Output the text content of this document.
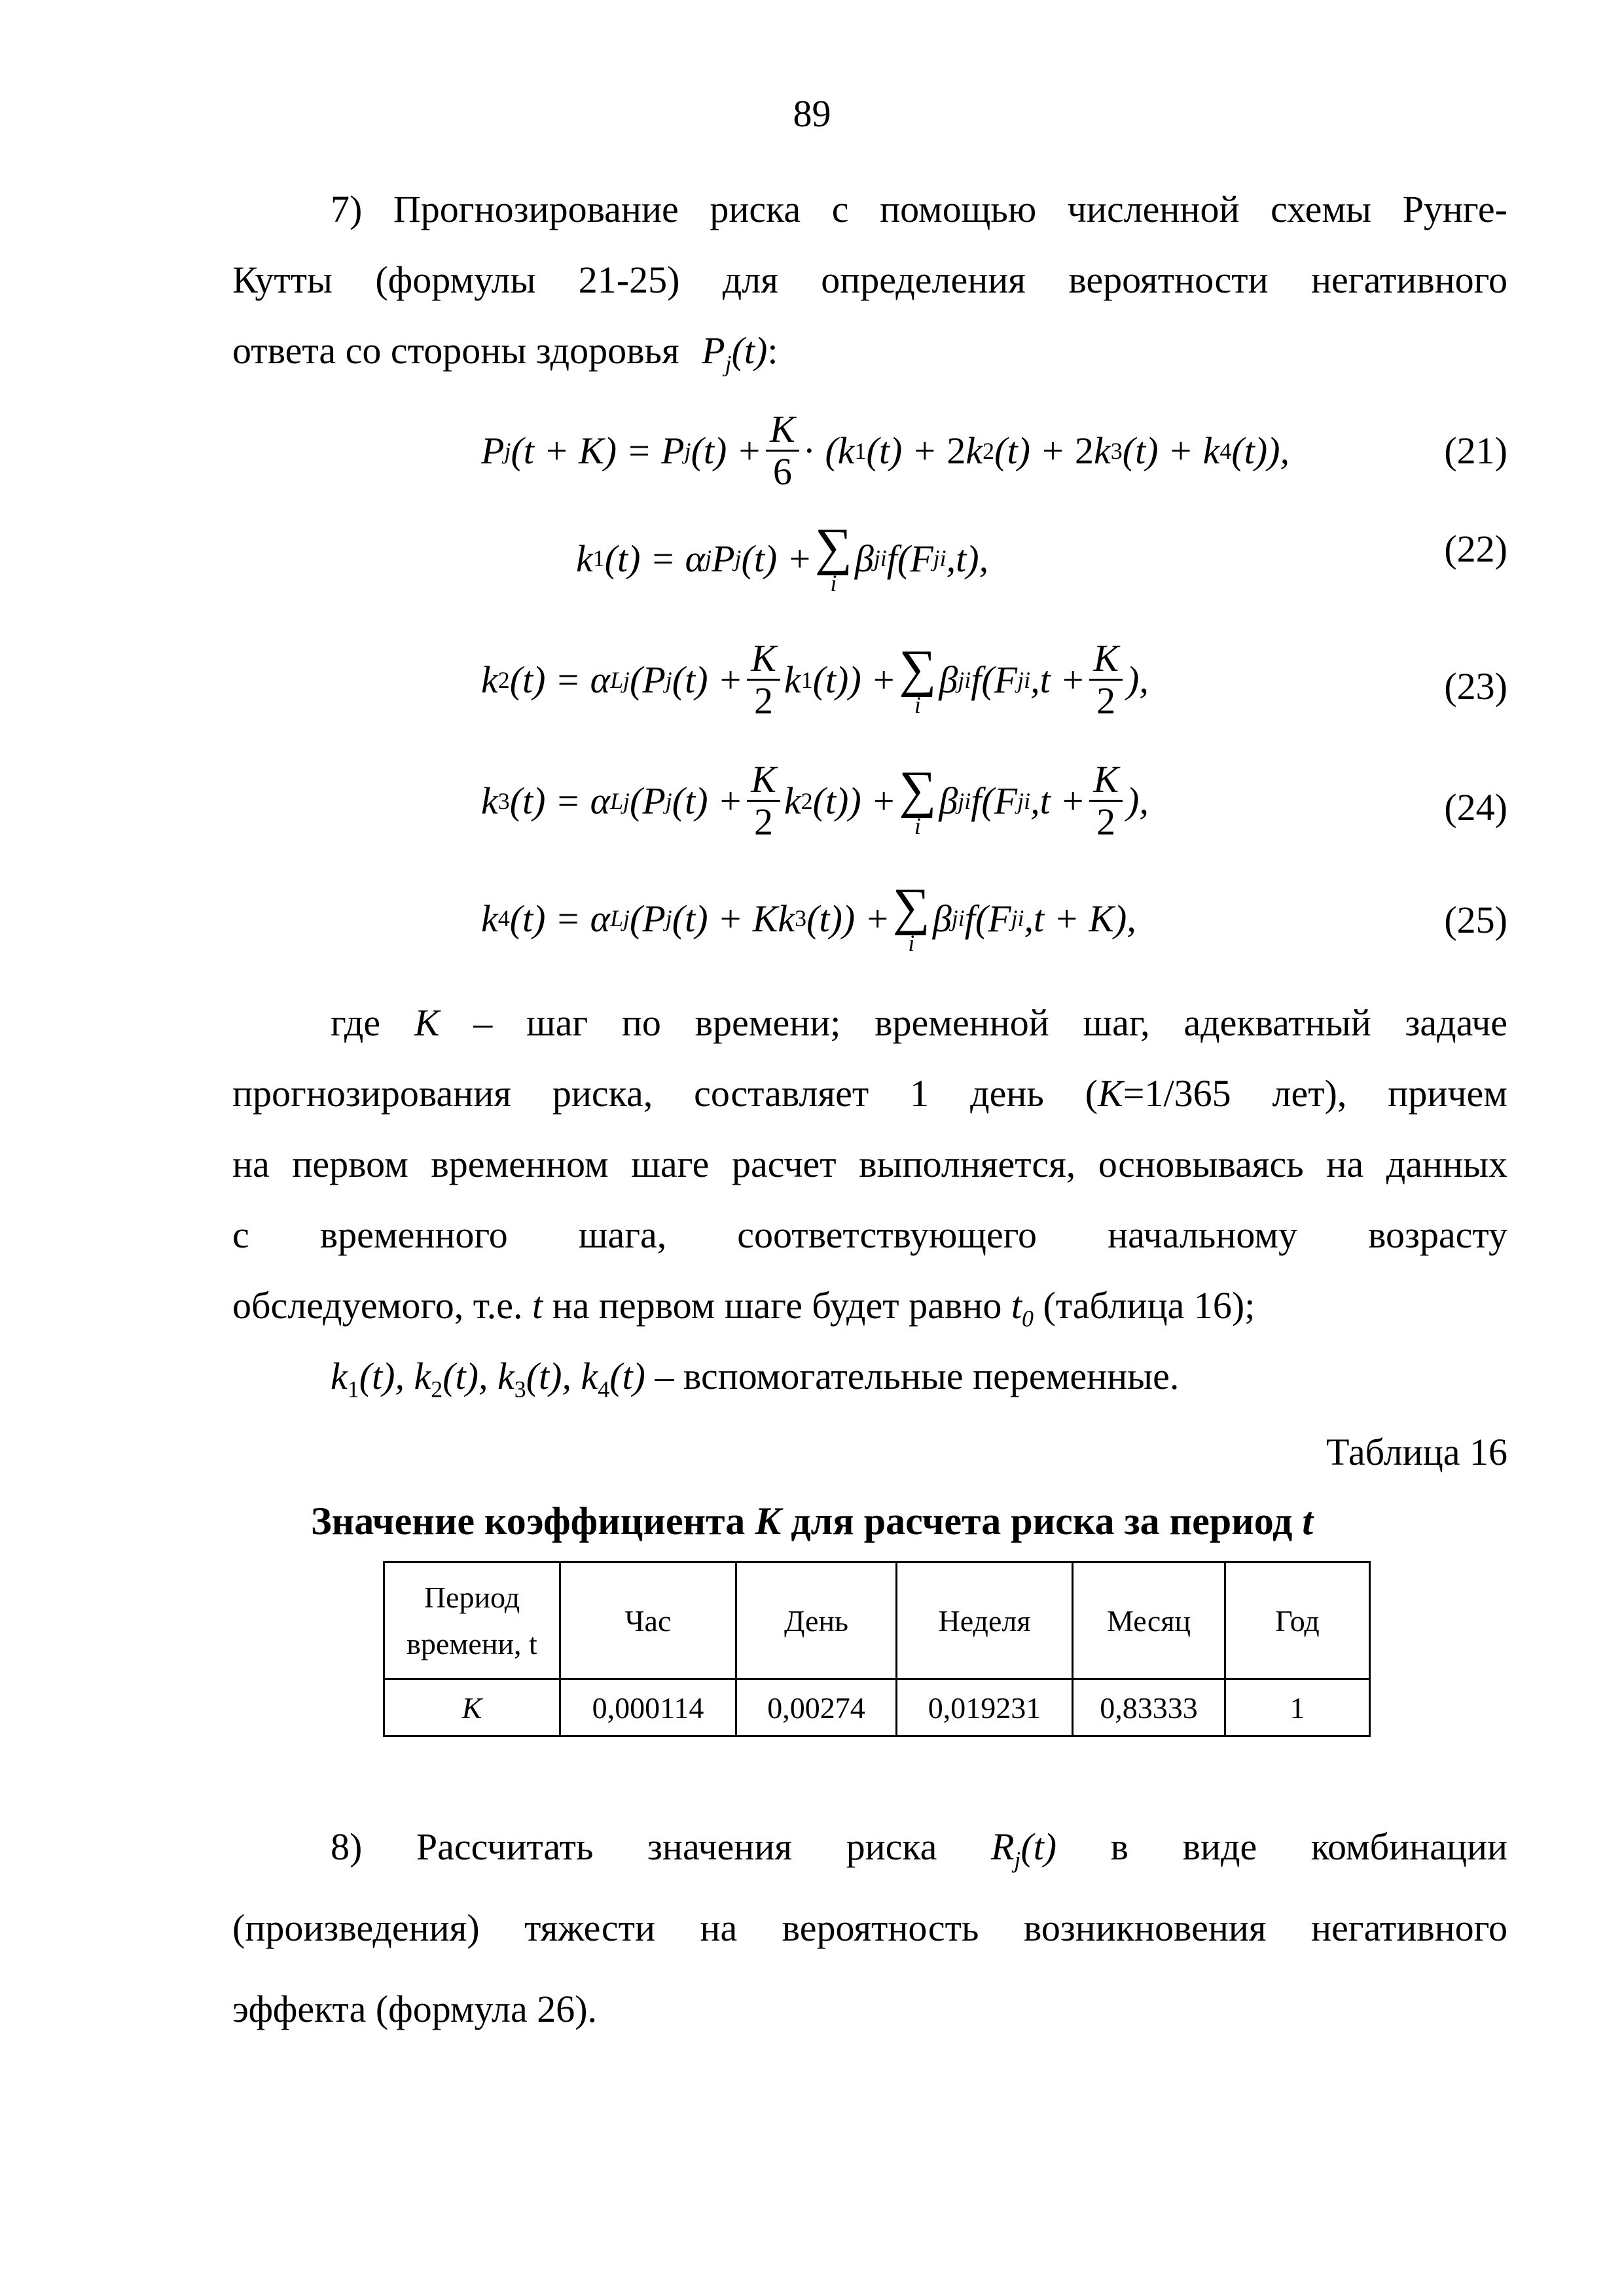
89
7) Прогнозирование риска с помощью численной схемы Рунге-
Кутты (формулы 21-25) для определения вероятности негативного
ответа со стороны здоровья $P_j(t)$:
P j (t + K) = P j $(t) + \frac{K}{6} \cdot (k$ 1 (t) + 2 k 2 (t) + 2 k 3 (t) + k 4 (t)),	(21)
k 1 (t) = α j P j (t) + ∑
i
β ji f(F ji ,t),	(22)
k 2 (t) = α Lj (P j $(t) + \frac{K}{2}$ k 1 (t)) + ∑
i
β ji f(F ji $,t + \frac{K}{2}$ ),	(23)
k 3 (t) = α Lj (P j $(t) + \frac{K}{2}$ k 2 (t)) + ∑
i
β ji f(F ji $,t + \frac{K}{2}$ ),	(24)
k 4 (t) = α Lj (P j (t) + Kk 3 (t)) + ∑
i
β ji f(F ji ,t + K),	(25)
где K – шаг по времени; временной шаг, адекватный задаче
прогнозирования риска, составляет 1 день (K=1/365 лет), причем
на первом временном шаге расчет выполняется, основываясь на данных
с временного шага, соответствующего начальному возрасту
обследуемого, т.е. t на первом шаге будет равно $t_0$ (таблица 16);
$k_1(t)$, $k_2(t)$, $k_3(t)$, $k_4(t)$ – вспомогательные переменные.
Таблица 16
Значение коэффициента K для расчета риска за период t
Период
времени, t	Час	День	Неделя	Месяц	Год
K	0,000114	0,00274	0,019231	0,83333	1
8) Рассчитать значения риска $R_j(t)$ в виде комбинации
(произведения) тяжести на вероятность возникновения негативного
эффекта (формула 26).
